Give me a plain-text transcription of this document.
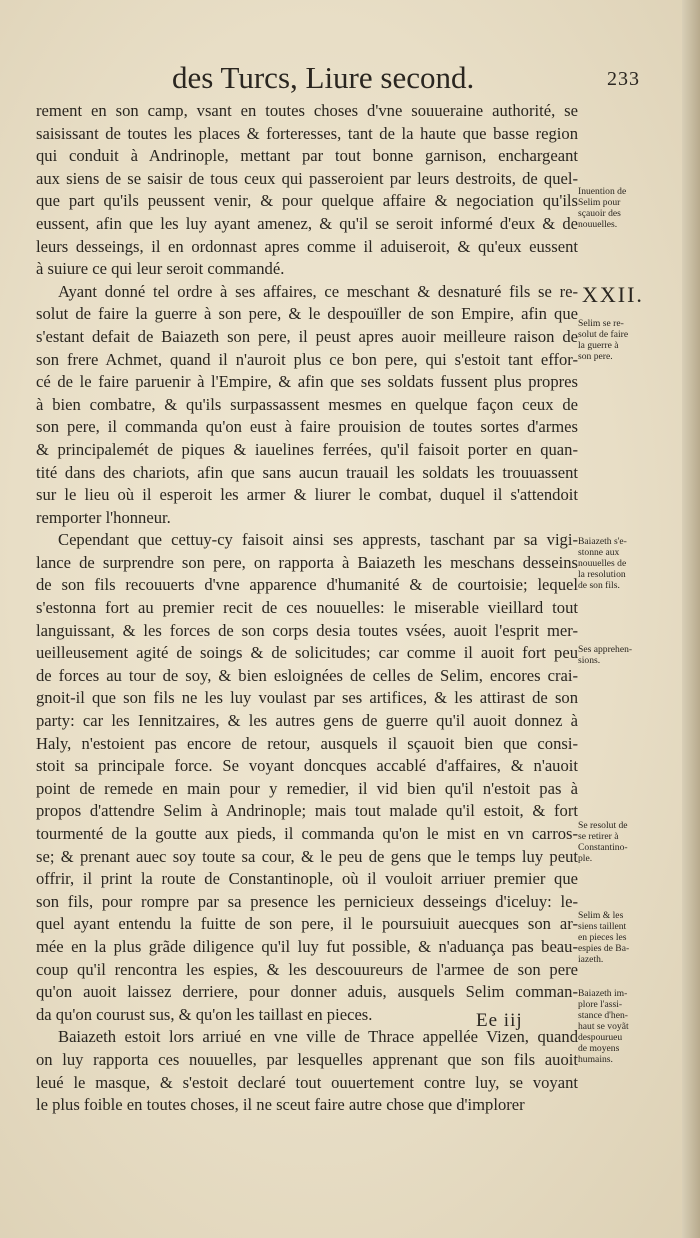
des Turcs, Liure second.	233
XXII.
rement en son camp, vsant en toutes choses d'vne souueraine authorité, se
saisissant de toutes les places & forteresses, tant de la haute que basse region
qui conduit à Andrinople, mettant par tout bonne garnison, enchargeant
aux siens de se saisir de tous ceux qui passeroient par leurs destroits, de quel-
que part qu'ils peussent venir, & pour quelque affaire & negociation qu'ils
eussent, afin que les luy ayant amenez, & qu'il se seroit informé d'eux & de
leurs desseings, il en ordonnast apres comme il aduiseroit, & qu'eux eussent
à suiure ce qui leur seroit commandé.
Ayant donné tel ordre à ses affaires, ce meschant & desnaturé fils se re-
solut de faire la guerre à son pere, & le despouïller de son Empire, afin que
s'estant defait de Baiazeth son pere, il peust apres auoir meilleure raison de
son frere Achmet, quand il n'auroit plus ce bon pere, qui s'estoit tant effor-
cé de le faire paruenir à l'Empire, & afin que ses soldats fussent plus propres
à bien combatre, & qu'ils surpassassent mesmes en quelque façon ceux de
son pere, il commanda qu'on eust à faire prouision de toutes sortes d'armes
& principalemét de piques & iauelines ferrées, qu'il faisoit porter en quan-
tité dans des chariots, afin que sans aucun trauail les soldats les trouuassent
sur le lieu où il esperoit les armer & liurer le combat, duquel il s'attendoit
remporter l'honneur.
Cependant que cettuy-cy faisoit ainsi ses apprests, taschant par sa vigi-
lance de surprendre son pere, on rapporta à Baiazeth les meschans desseins
de son fils recouuerts d'vne apparence d'humanité & de courtoisie; lequel
s'estonna fort au premier recit de ces nouuelles: le miserable vieillard tout
languissant, & les forces de son corps desia toutes vsées, auoit l'esprit mer-
ueilleusement agité de soings & de solicitudes; car comme il auoit fort peu
de forces au tour de soy, & bien esloignées de celles de Selim, encores crai-
gnoit-il que son fils ne les luy voulast par ses artifices, & les attirast de son
party: car les Iennitzaires, & les autres gens de guerre qu'il auoit donnez à
Haly, n'estoient pas encore de retour, ausquels il sçauoit bien que consi-
stoit sa principale force. Se voyant doncques accablé d'affaires, & n'auoit
point de remede en main pour y remedier, il vid bien qu'il n'estoit pas à
propos d'attendre Selim à Andrinople; mais tout malade qu'il estoit, & fort
tourmenté de la goutte aux pieds, il commanda qu'on le mist en vn carros-
se; & prenant auec soy toute sa cour, & le peu de gens que le temps luy peut
offrir, il print la route de Constantinople, où il vouloit arriuer premier que
son fils, pour rompre par sa presence les pernicieux desseings d'iceluy: le-
quel ayant entendu la fuitte de son pere, il le poursuiuit auecques son ar-
mée en la plus grãde diligence qu'il luy fut possible, & n'aduança pas beau-
coup qu'il rencontra les espies, & les descouureurs de l'armee de son pere
qu'on auoit laissez derriere, pour donner aduis, ausquels Selim comman-
da qu'on courust sus, & qu'on les taillast en pieces.
Baiazeth estoit lors arriué en vne ville de Thrace appellée Vizen, quand
on luy rapporta ces nouuelles, par lesquelles apprenant que son fils auoit
leué le masque, & s'estoit declaré tout ouuertement contre luy, se voyant
le plus foible en toutes choses, il ne sceut faire autre chose que d'implorer
Inuention de
Selim pour
sçauoir des
nouuelles.
Selim se re-
solut de faire
la guerre à
son pere.
Baiazeth s'e-
stonne aux
nouuelles de
la resolution
de son fils.
Ses apprehen-
sions.
Se resolut de
se retirer à
Constantino-
ple.
Selim & les
siens taillent
en pieces les
espies de Ba-
iazeth.
Baiazeth im-
plore l'assi-
stance d'hen-
haut se voyãt
despourueu
de moyens
humains.
Ee iij
